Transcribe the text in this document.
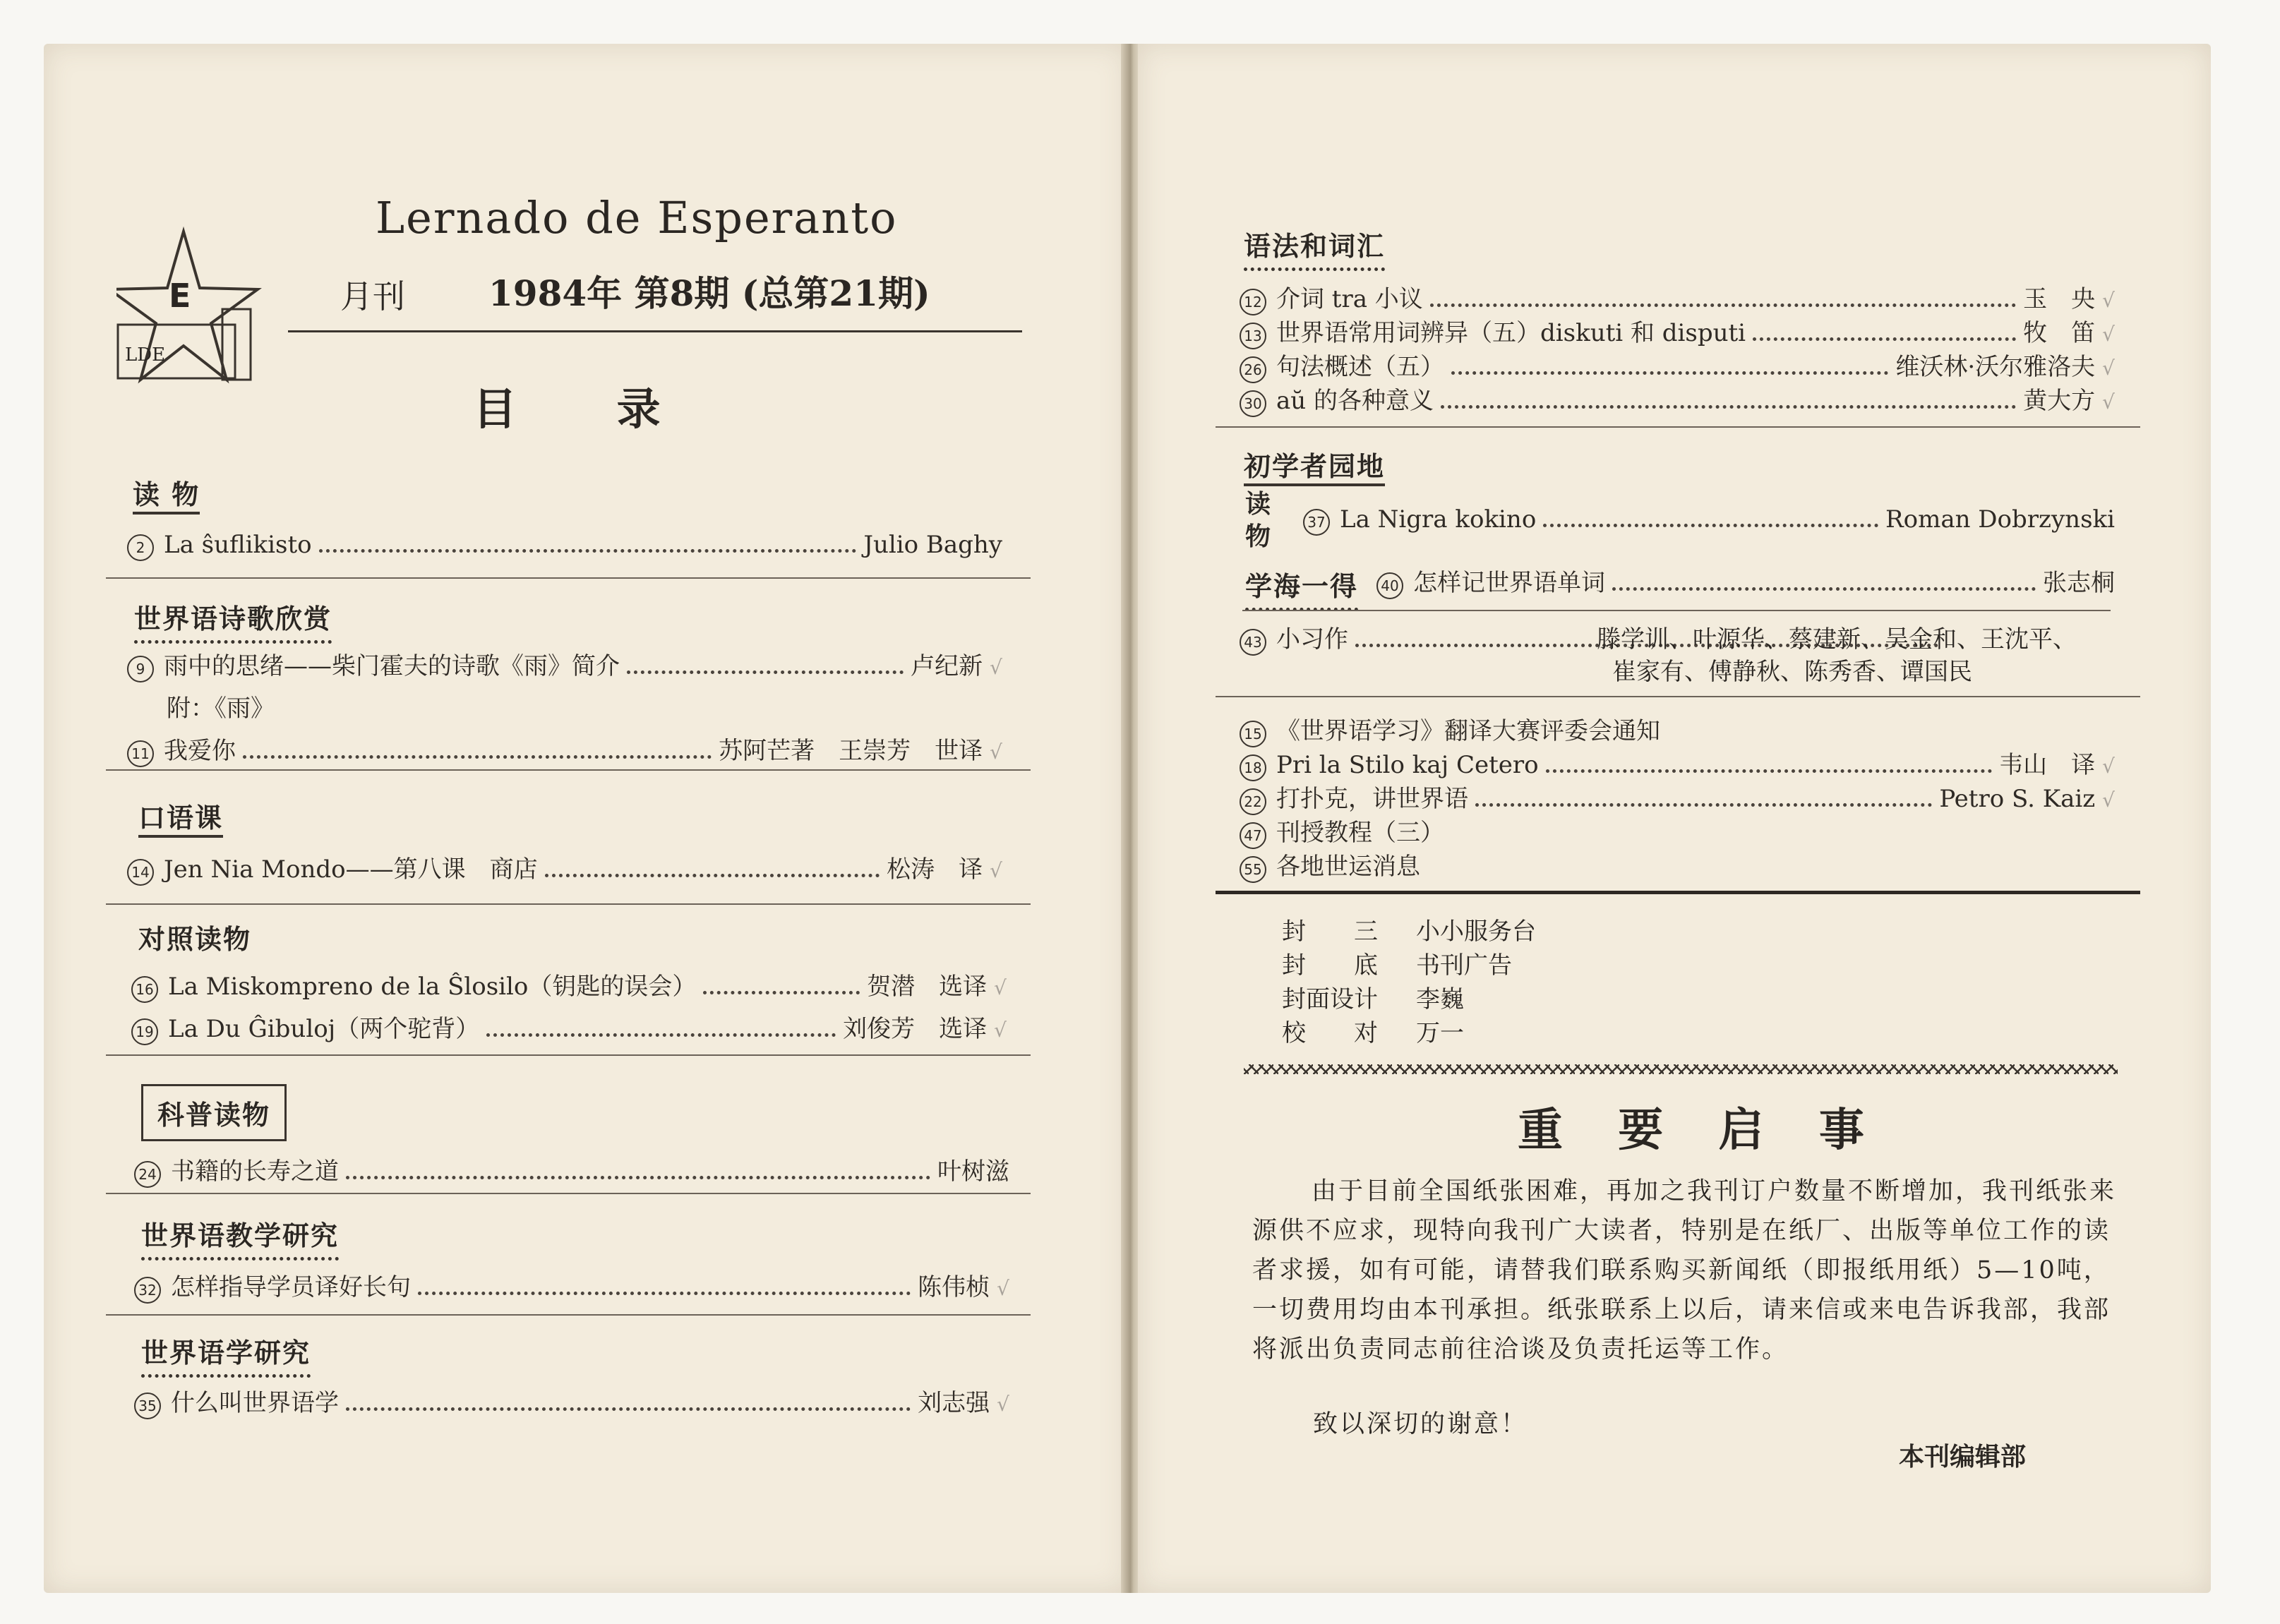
E
LDE
Lernado de Esperanto
月刊 1984年 第8期 (总第21期)
目 录
读 物
2 La ŝuflikisto	Julio Baghy
世界语诗歌欣赏
9 雨中的思绪——柴门霍夫的诗歌《雨》简介	卢纪新 √
附：《雨》
11 我爱你	苏阿芒著　王崇芳　世译 √
口语课
14 Jen Nia Mondo——第八课　商店	松涛　译 √
对照读物
16 La Miskompreno de la Ŝlosilo（钥匙的误会）	贺潜　选译 √
19 La Du Ĝibuloj（两个驼背）	刘俊芳　选译 √
科普读物
24 书籍的长寿之道	叶树滋
世界语教学研究
32 怎样指导学员译好长句	陈伟桢 √
世界语学研究
35 什么叫世界语学	刘志强 √
语法和词汇
12 介词 tra 小议	玉　央 √
13 世界语常用词辨异（五）diskuti 和 disputi	牧　笛 √
26 句法概述（五）	维沃林·沃尔雅洛夫 √
30 aŭ 的各种意义	黄大方 √
初学者园地
读物	37 La Nigra kokino	Roman Dobrzynski
学海一得	40 怎样记世界语单词	张志桐
43 小习作	滕学训、叶源华、蔡建新、吴金和、王沈平、
崔家有、傅静秋、陈秀香、谭国民
15 《世界语学习》翻译大赛评委会通知
18 Pri la Stilo kaj Cetero	韦山　译 √
22 打扑克，讲世界语	Petro S. Kaiz √
47 刊授教程（三）
55 各地世运消息
封　　三	小小服务台
封　　底	书刊广告
封面设计	李巍
校　　对	万一
重 要 启 事
由于目前全国纸张困难，再加之我刊订户数量不断增加，我刊纸张来源供不应求，现特向我刊广大读者，特别是在纸厂、出版等单位工作的读者求援，如有可能，请替我们联系购买新闻纸（即报纸用纸）5—10吨，一切费用均由本刊承担。纸张联系上以后，请来信或来电告诉我部，我部将派出负责同志前往洽谈及负责托运等工作。
致以深切的谢意！
本刊编辑部
